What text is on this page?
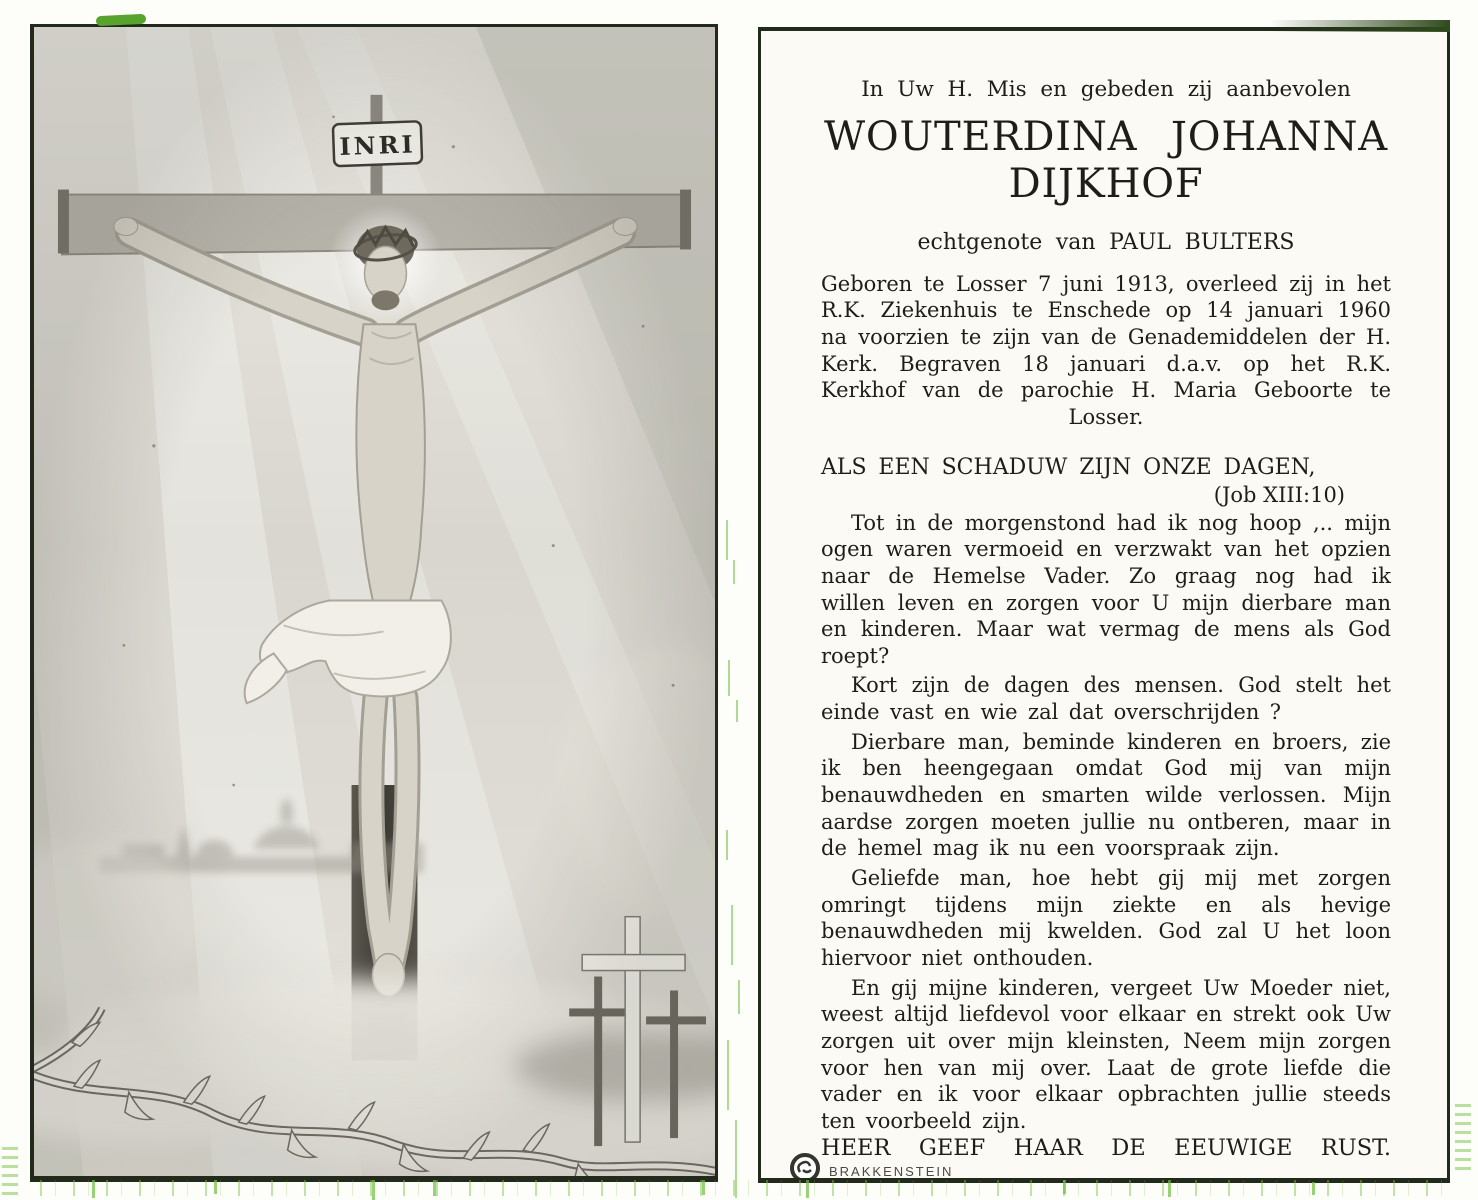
In Uw H. Mis en gebeden zij aanbevolen
WOUTERDINA JOHANNA
DIJKHOF
echtgenote van PAUL BULTERS
Geboren te Losser 7 juni 1913, overleed zij in het R.K. Ziekenhuis te Enschede op 14 januari 1960 na voorzien te zijn van de Genademiddelen der H. Kerk. Begraven 18 januari d.a.v. op het R.K. Kerkhof van de parochie H. Maria Geboorte te Losser.
ALS EEN SCHADUW ZIJN ONZE DAGEN,
(Job XIII:10)

Tot in de morgenstond had ik nog hoop ,.. mijn ogen waren vermoeid en verzwakt van het opzien naar de Hemelse Vader. Zo graag nog had ik willen leven en zorgen voor U mijn dierbare man en kinderen. Maar wat vermag de mens als God roept?

Kort zijn de dagen des mensen. God stelt het einde vast en wie zal dat overschrijden ?

Dierbare man, beminde kinderen en broers, zie ik ben heengegaan omdat God mij van mijn benauwdheden en smarten wilde verlossen. Mijn aardse zorgen moeten jullie nu ontberen, maar in de hemel mag ik nu een voorspraak zijn.

Geliefde man, hoe hebt gij mij met zorgen omringt tijdens mijn ziekte en als hevige benauwdheden mij kwelden. God zal U het loon hiervoor niet onthouden.

En gij mijne kinderen, vergeet Uw Moeder niet, weest altijd liefdevol voor elkaar en strekt ook Uw zorgen uit over mijn kleinsten, Neem mijn zorgen voor hen van mij over. Laat de grote liefde die vader en ik voor elkaar opbrachten jullie steeds ten voorbeeld zijn.

HEER GEEF HAAR DE EEUWIGE RUST.
BRAKKENSTEIN
